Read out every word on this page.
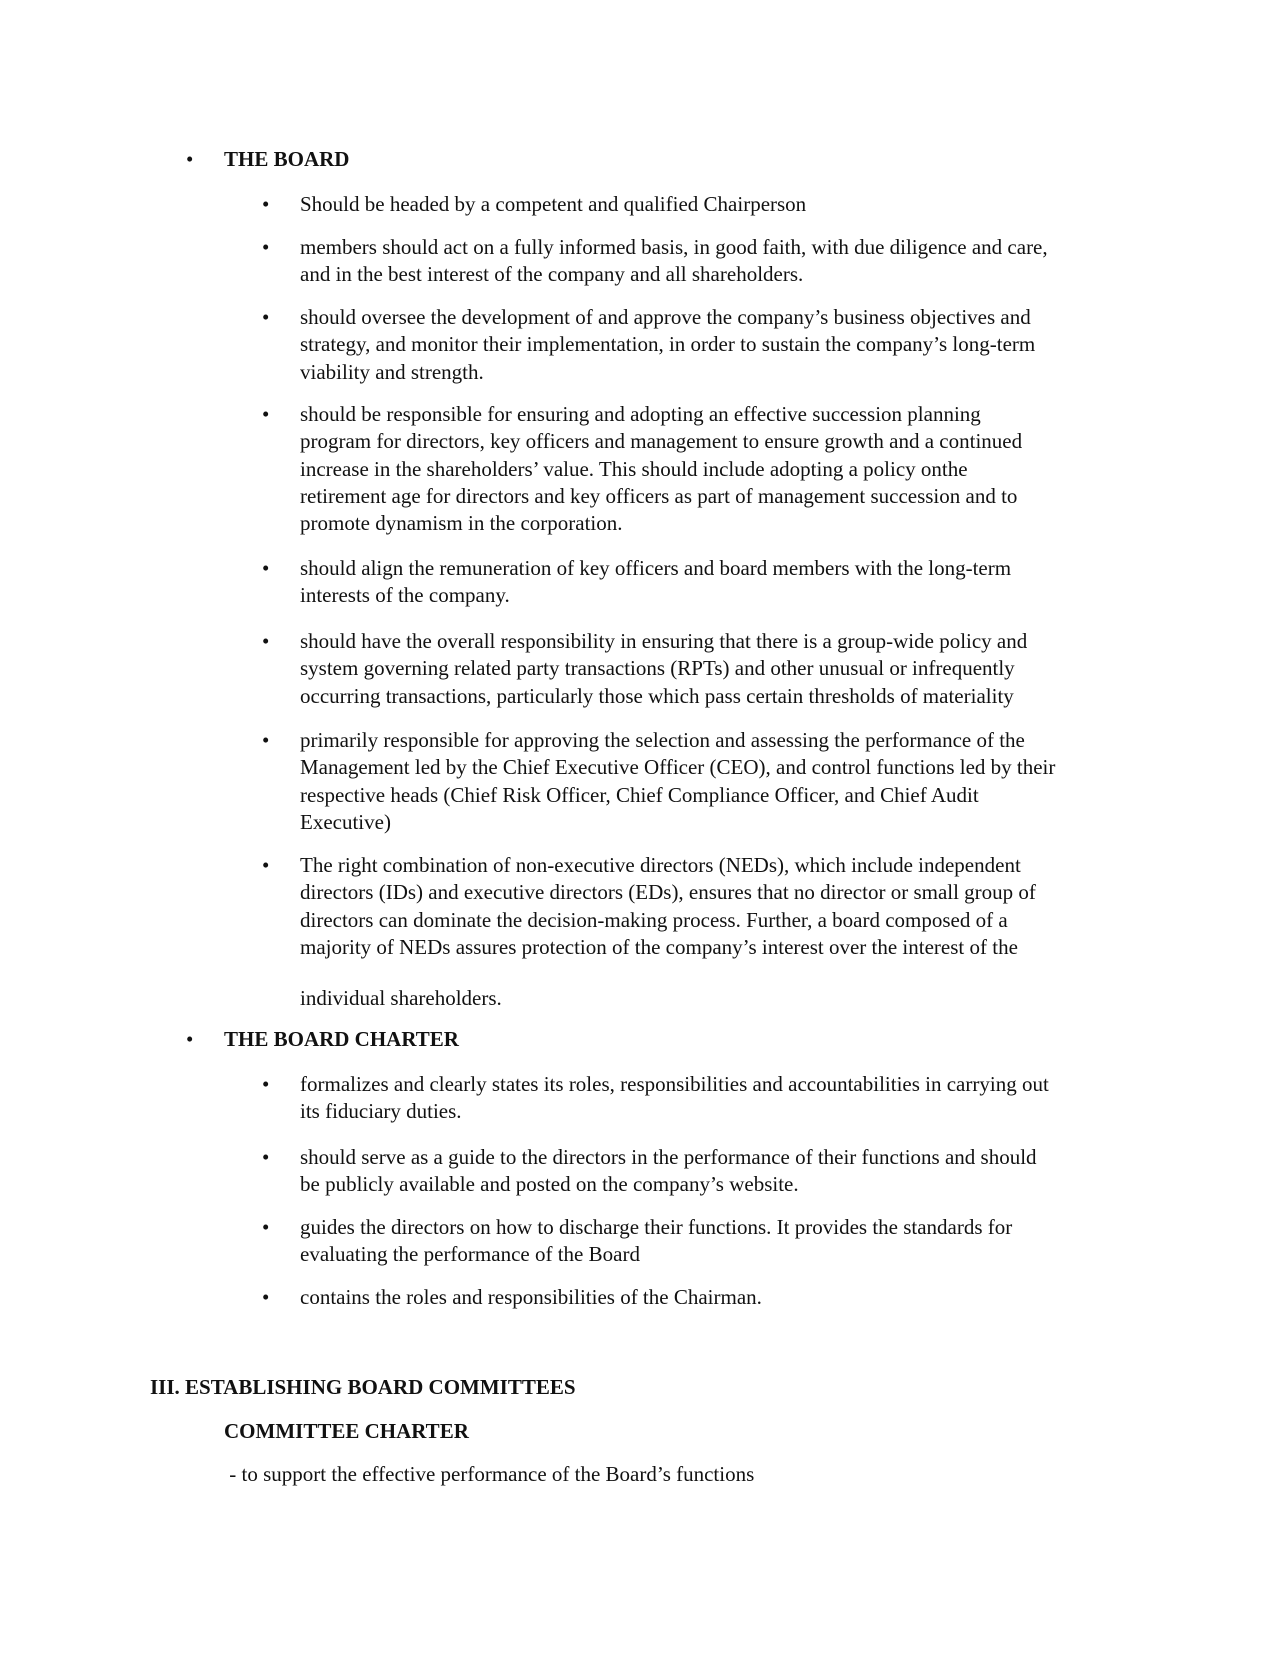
• THE BOARD
• Should be headed by a competent and qualified Chairperson
• members should act on a fully informed basis, in good faith, with due diligence and care,
and in the best interest of the company and all shareholders.
• should oversee the development of and approve the company’s business objectives and
strategy, and monitor their implementation, in order to sustain the company’s long-term
viability and strength.
• should be responsible for ensuring and adopting an effective succession planning
program for directors, key officers and management to ensure growth and a continued
increase in the shareholders’ value. This should include adopting a policy onthe
retirement age for directors and key officers as part of management succession and to
promote dynamism in the corporation.
• should align the remuneration of key officers and board members with the long-term
interests of the company.
• should have the overall responsibility in ensuring that there is a group-wide policy and
system governing related party transactions (RPTs) and other unusual or infrequently
occurring transactions, particularly those which pass certain thresholds of materiality
• primarily responsible for approving the selection and assessing the performance of the
Management led by the Chief Executive Officer (CEO), and control functions led by their
respective heads (Chief Risk Officer, Chief Compliance Officer, and Chief Audit
Executive)
• The right combination of non-executive directors (NEDs), which include independent
directors (IDs) and executive directors (EDs), ensures that no director or small group of
directors can dominate the decision-making process. Further, a board composed of a
majority of NEDs assures protection of the company’s interest over the interest of the
individual shareholders.
• THE BOARD CHARTER
• formalizes and clearly states its roles, responsibilities and accountabilities in carrying out
its fiduciary duties.
• should serve as a guide to the directors in the performance of their functions and should
be publicly available and posted on the company’s website.
• guides the directors on how to discharge their functions. It provides the standards for
evaluating the performance of the Board
• contains the roles and responsibilities of the Chairman.
III. ESTABLISHING BOARD COMMITTEES
COMMITTEE CHARTER
- to support the effective performance of the Board’s functions
